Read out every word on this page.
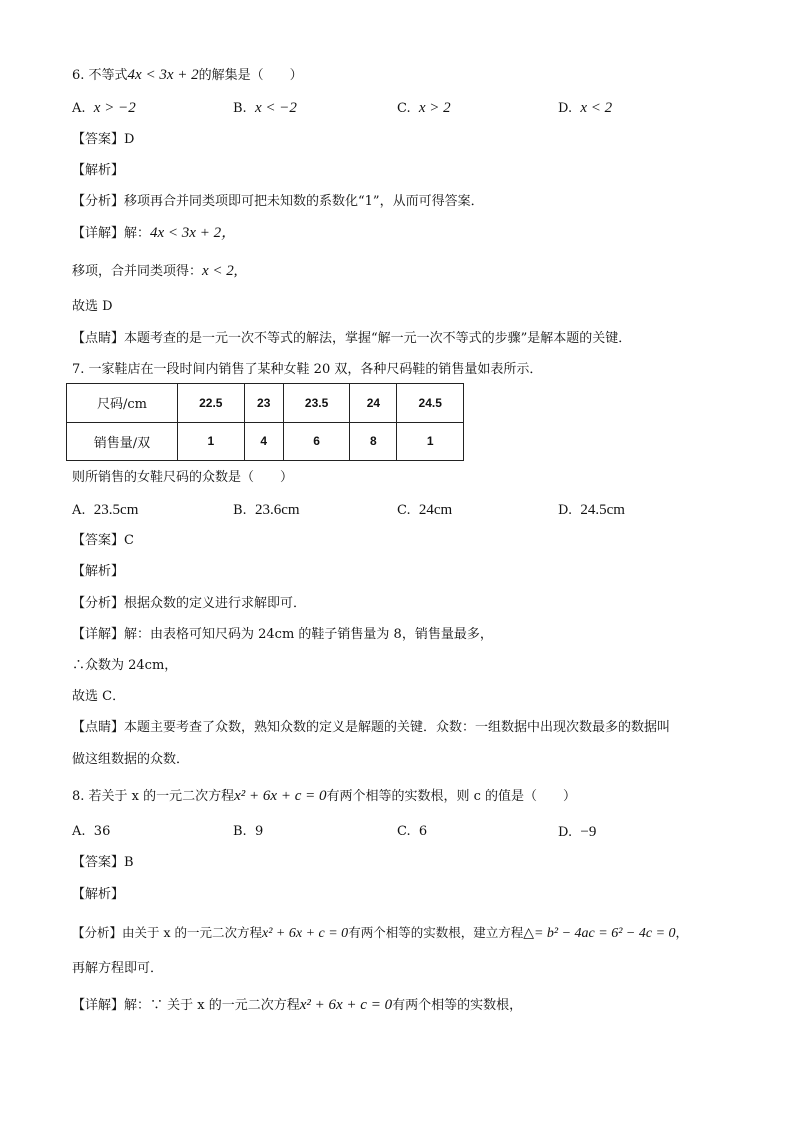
6. 不等式4x < 3x + 2的解集是（　　）
A. x > −2	B. x < −2	C. x > 2	D. x < 2
【答案】D
【解析】
【分析】移项再合并同类项即可把未知数的系数化“1”，从而可得答案．
【详解】解：4x < 3x + 2，
移项，合并同类项得：x < 2,
故选 D
【点睛】本题考查的是一元一次不等式的解法，掌握“解一元一次不等式的步骤”是解本题的关键．
7. 一家鞋店在一段时间内销售了某种女鞋 20 双，各种尺码鞋的销售量如表所示．
尺码/cm	22.5	23	23.5	24	24.5
销售量/双	1	4	6	8	1
则所销售的女鞋尺码的众数是（　　）
A. 23.5cm	B. 23.6cm	C. 24cm	D. 24.5cm
【答案】C
【解析】
【分析】根据众数的定义进行求解即可．
【详解】解：由表格可知尺码为 24cm 的鞋子销售量为 8，销售量最多，
∴众数为 24cm，
故选 C．
【点睛】本题主要考查了众数，熟知众数的定义是解题的关键．众数：一组数据中出现次数最多的数据叫
做这组数据的众数．
8. 若关于 x 的一元二次方程x² + 6x + c = 0有两个相等的实数根，则 c 的值是（　　）
A. 36	B. 9	C. 6	D. −9
【答案】B
【解析】
【分析】由关于 x 的一元二次方程x² + 6x + c = 0有两个相等的实数根，建立方程△= b² − 4ac = 6² − 4c = 0，
再解方程即可．
【详解】解：∵ 关于 x 的一元二次方程x² + 6x + c = 0有两个相等的实数根，
